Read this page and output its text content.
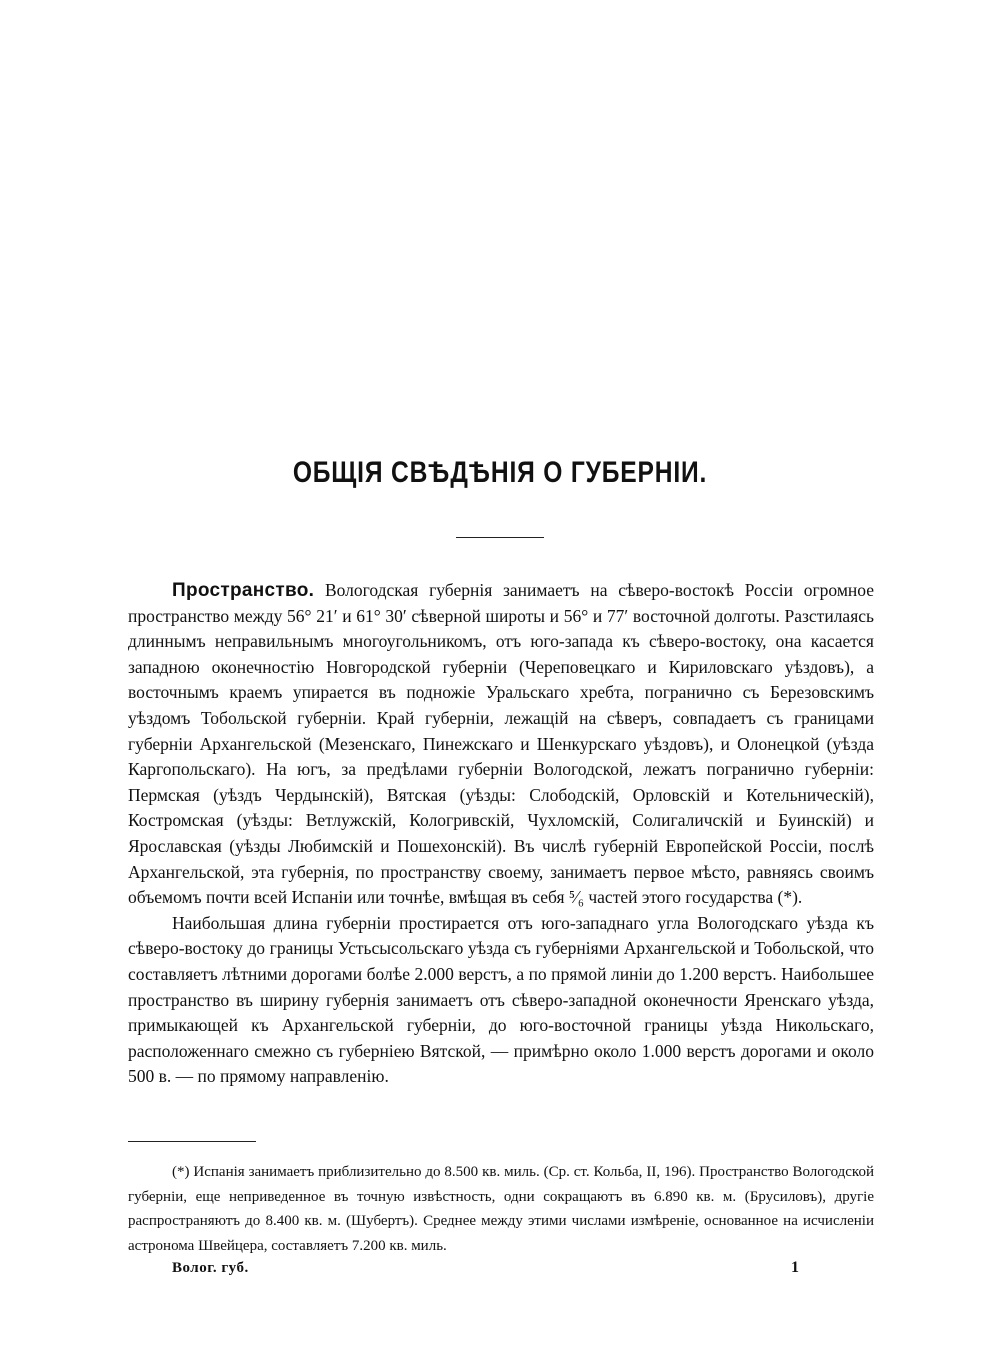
ОБЩІЯ СВѢДѢНІЯ О ГУБЕРНІИ.

Пространство. Вологодская губернія занимаетъ на сѣверо-востокѣ Россіи огромное пространство между 56° 21′ и 61° 30′ сѣверной широты и 56° и 77′ восточной долготы. Разстилаясь длиннымъ неправильнымъ многоугольникомъ, отъ юго-запада къ сѣверо-востоку, она касается западною оконечностію Новгородской губерніи (Череповецкаго и Кириловскаго уѣздовъ), а восточнымъ краемъ упирается въ подножіе Уральскаго хребта, погранично съ Березовскимъ уѣздомъ Тобольской губерніи. Край губерніи, лежащій на сѣверъ, совпадаетъ съ границами губерніи Архангельской (Мезенскаго, Пинежскаго и Шенкурскаго уѣздовъ), и Олонецкой (уѣзда Каргопольскаго). На югъ, за предѣлами губерніи Вологодской, лежатъ погранично губерніи: Пермская (уѣздъ Чердынскій), Вятская (уѣзды: Слободскій, Орловскій и Котельническій), Костромская (уѣзды: Ветлужскій, Кологривскій, Чухломскій, Солигаличскій и Буинскій) и Ярославская (уѣзды Любимскій и Пошехонскій). Въ числѣ губерній Европейской Россіи, послѣ Архангельской, эта губернія, по пространству своему, занимаетъ первое мѣсто, равняясь своимъ объемомъ почти всей Испаніи или точнѣе, вмѣщая въ себя ⁵⁄₆ частей этого государства (*).

Наибольшая длина губерніи простирается отъ юго-западнаго угла Вологодскаго уѣзда къ сѣверо-востоку до границы Устьсысольскаго уѣзда съ губерніями Архангельской и Тобольской, что составляетъ лѣтними дорогами болѣе 2.000 верстъ, а по прямой линіи до 1.200 верстъ. Наибольшее пространство въ ширину губернія занимаетъ отъ сѣверо-западной оконечности Яренскаго уѣзда, примыкающей къ Архангельской губерніи, до юго-восточной границы уѣзда Никольскаго, расположеннаго смежно съ губерніею Вятской, — примѣрно около 1.000 верстъ дорогами и около 500 в. — по прямому направленію.

(*) Испанія занимаетъ приблизительно до 8.500 кв. миль. (Ср. ст. Кольба, II, 196). Пространство Вологодской губерніи, еще неприведенное въ точную извѣстность, одни сокращаютъ въ 6.890 кв. м. (Брусиловъ), другіе распространяютъ до 8.400 кв. м. (Шубертъ). Среднее между этими числами измѣреніе, основанное на исчисленіи астронома Швейцера, составляетъ 7.200 кв. миль.

Волог. губ.	1
